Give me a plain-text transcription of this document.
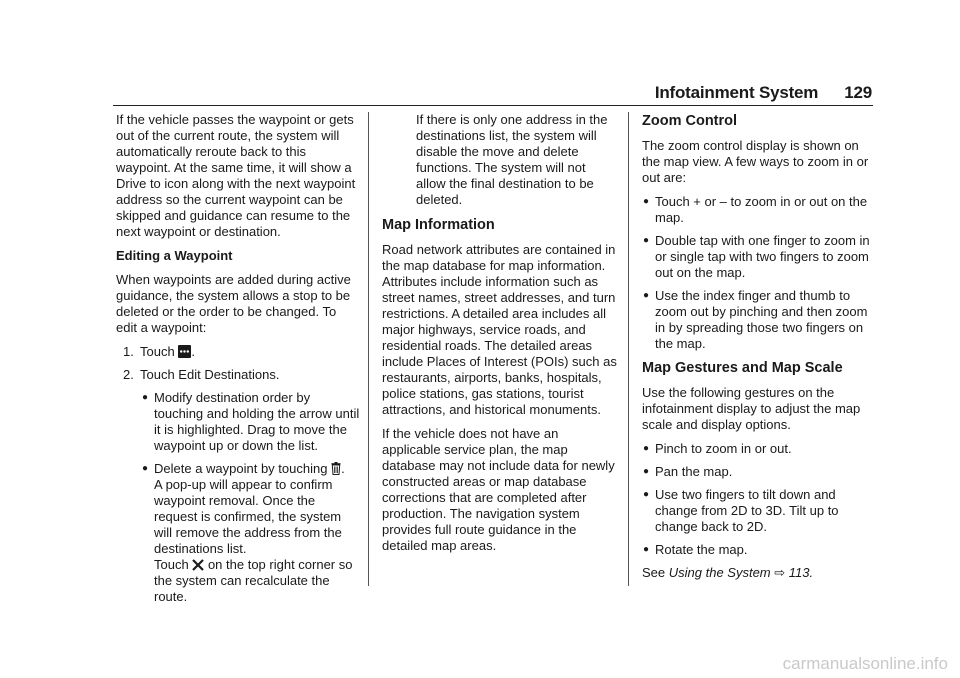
Infotainment System 129

If the vehicle passes the waypoint or gets out of the current route, the system will automatically reroute back to this waypoint. At the same time, it will show a Drive to icon along with the next waypoint address so the current waypoint can be skipped and guidance can resume to the next waypoint or destination.

Editing a Waypoint

When waypoints are added during active guidance, the system allows a stop to be deleted or the order to be changed. To edit a waypoint:

1. Touch .
2. Touch Edit Destinations.
● Modify destination order by touching and holding the arrow until it is highlighted. Drag to move the waypoint up or down the list.
● Delete a waypoint by touching .
A pop-up will appear to confirm waypoint removal. Once the request is confirmed, the system will remove the address from the destinations list.
Touch on the top right corner so the system can recalculate the route.

If there is only one address in the destinations list, the system will disable the move and delete functions. The system will not allow the final destination to be deleted.

Map Information

Road network attributes are contained in the map database for map information. Attributes include information such as street names, street addresses, and turn restrictions. A detailed area includes all major highways, service roads, and residential roads. The detailed areas include Places of Interest (POIs) such as restaurants, airports, banks, hospitals, police stations, gas stations, tourist attractions, and historical monuments.

If the vehicle does not have an applicable service plan, the map database may not include data for newly constructed areas or map database corrections that are completed after production. The navigation system provides full route guidance in the detailed map areas.

Zoom Control

The zoom control display is shown on the map view. A few ways to zoom in or out are:

● Touch + or – to zoom in or out on the map.
● Double tap with one finger to zoom in or single tap with two fingers to zoom out on the map.
● Use the index finger and thumb to zoom out by pinching and then zoom in by spreading those two fingers on the map.
Map Gestures and Map Scale

Use the following gestures on the infotainment display to adjust the map scale and display options.

● Pinch to zoom in or out.
● Pan the map.
● Use two fingers to tilt down and change from 2D to 3D. Tilt up to change back to 2D.
● Rotate the map.

See Using the System ⇨ 113.

carmanualsonline.info
